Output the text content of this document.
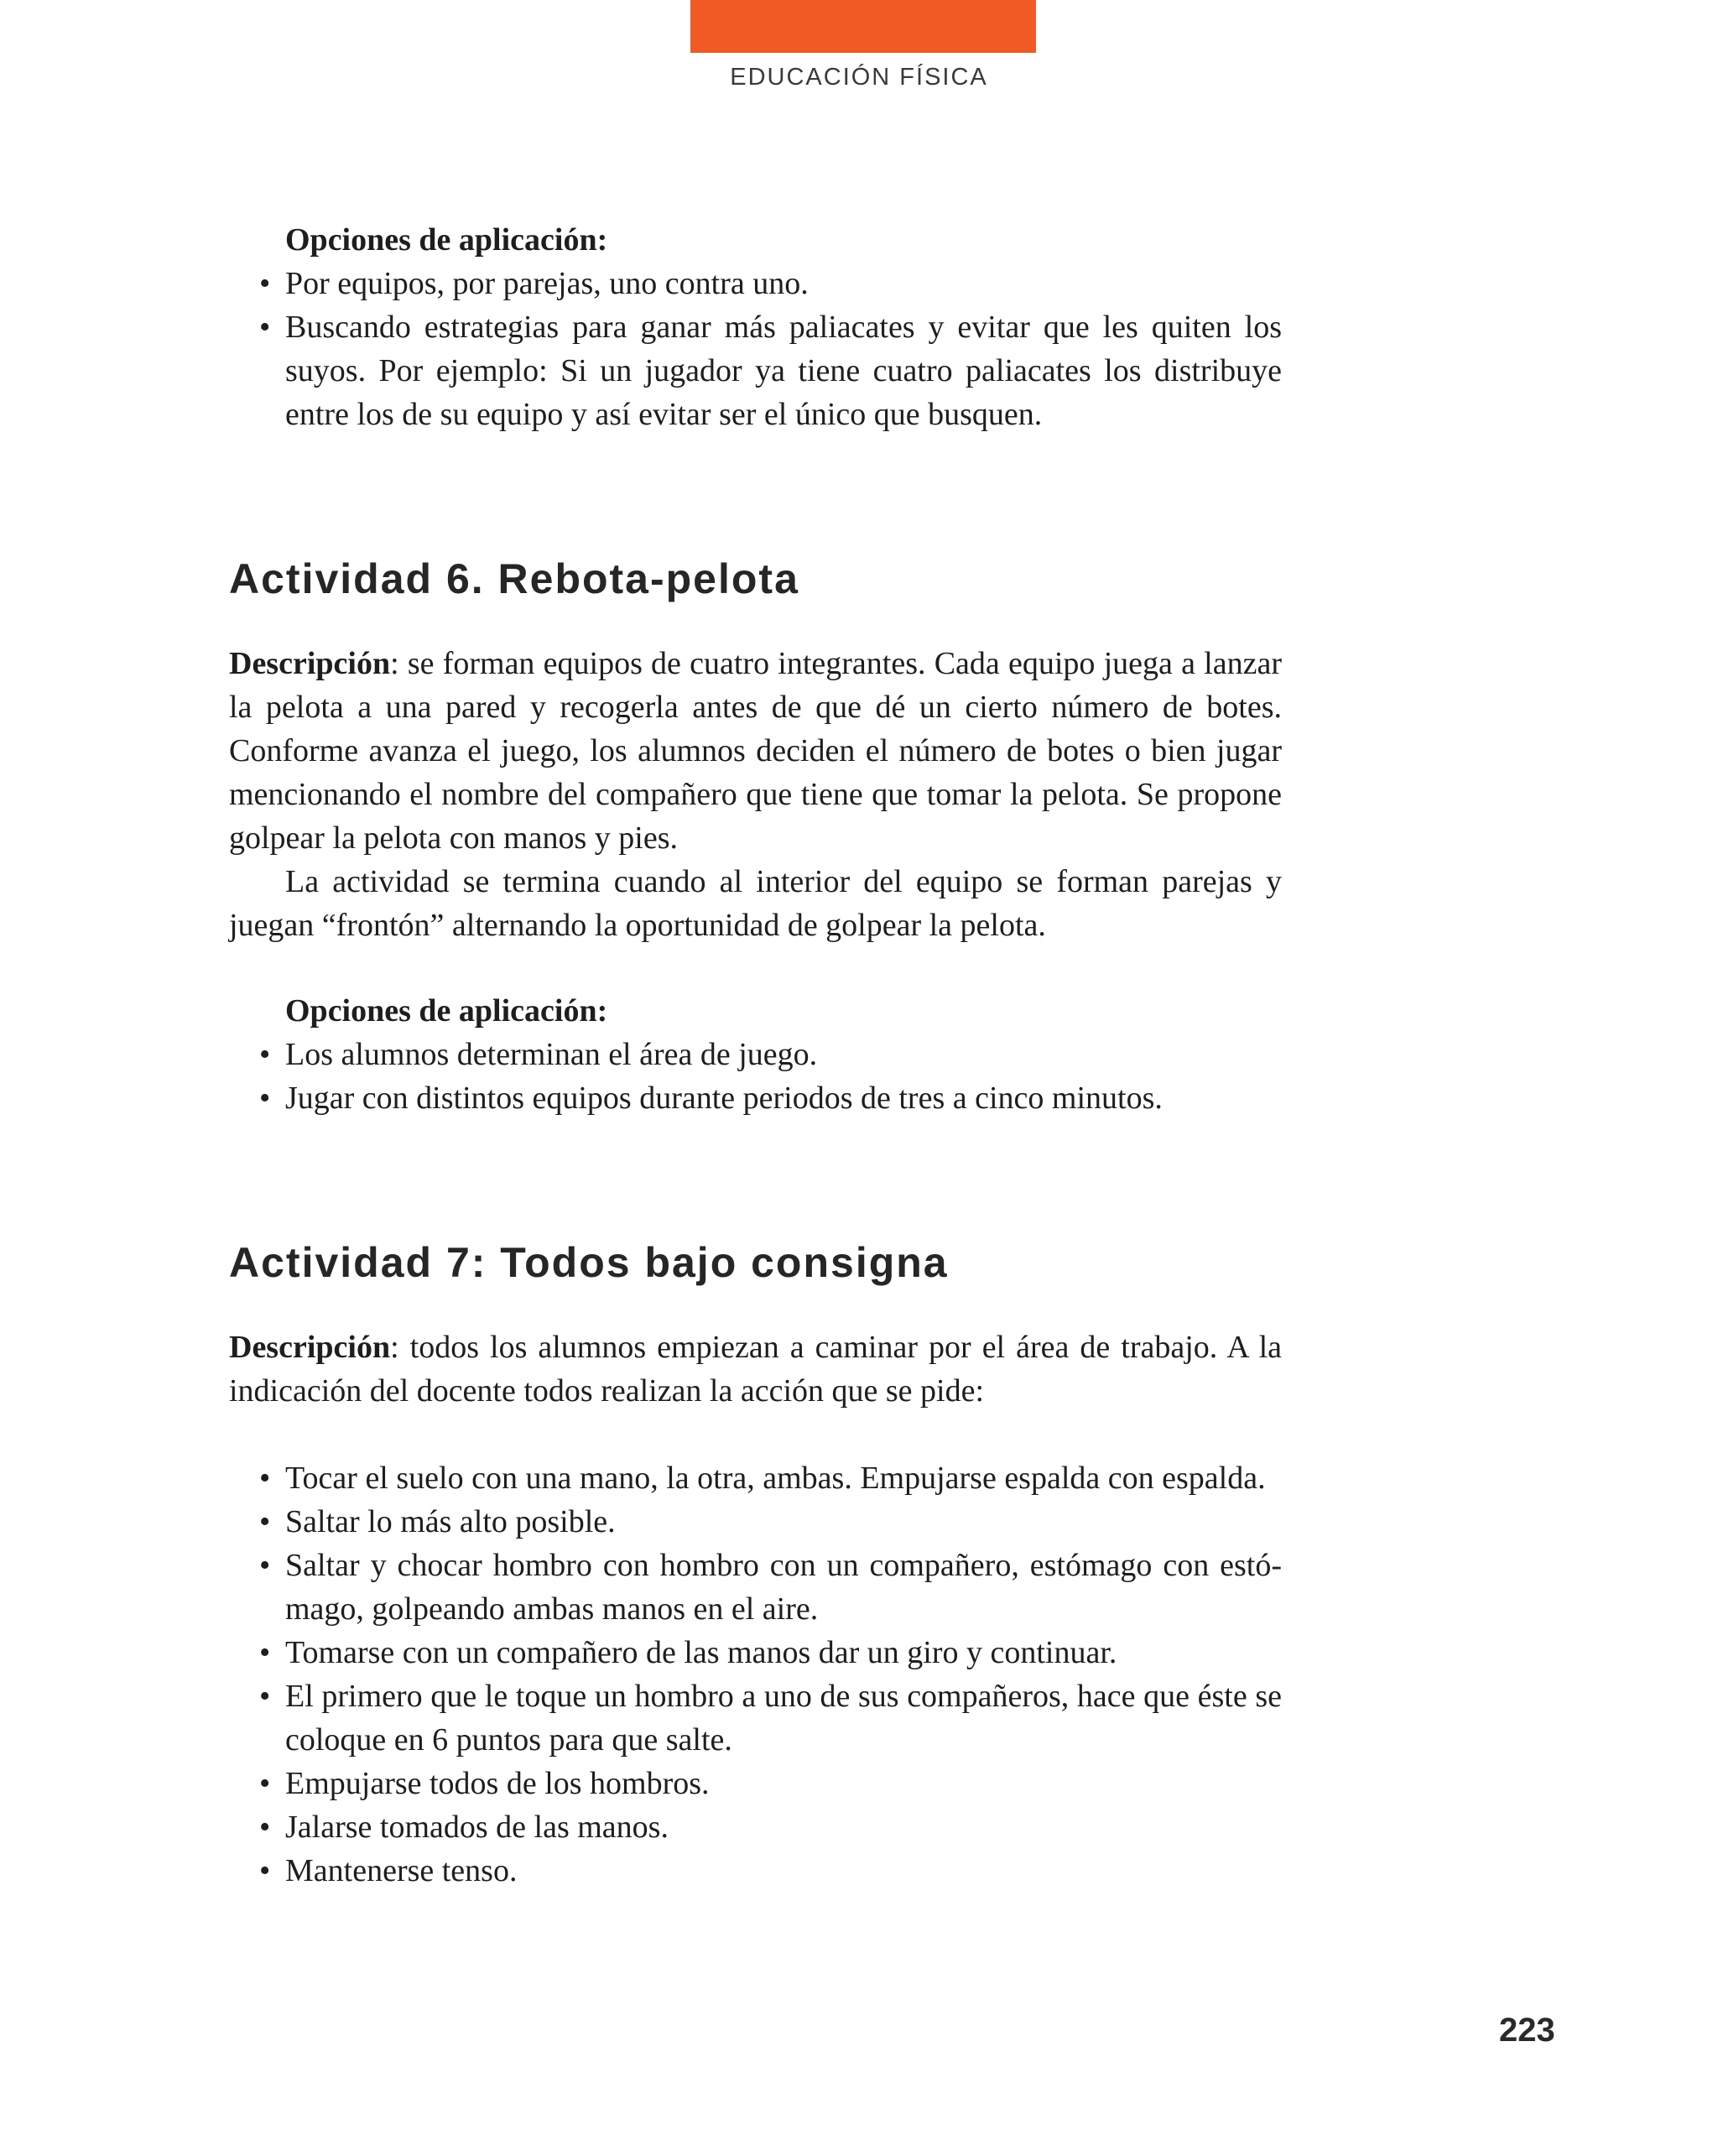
EDUCACIÓN FÍSICA

Opciones de aplicación:

• Por equipos, por parejas, uno contra uno.
• Buscando estrategias para ganar más paliacates y evitar que les quiten los suyos. Por ejemplo: Si un jugador ya tiene cuatro paliacates los distribuye entre los de su equipo y así evitar ser el único que busquen.
Actividad 6. Rebota-pelota

Descripción: se forman equipos de cuatro integrantes. Cada equipo juega a lanzar la pelota a una pared y recogerla antes de que dé un cierto número de botes. Conforme avanza el juego, los alumnos deciden el número de botes o bien jugar mencionando el nombre del compañero que tiene que tomar la pelota. Se propone golpear la pelota con manos y pies.

La actividad se termina cuando al interior del equipo se forman parejas y juegan “frontón” alternando la oportunidad de golpear la pelota.

Opciones de aplicación:

• Los alumnos determinan el área de juego.
• Jugar con distintos equipos durante periodos de tres a cinco minutos.
Actividad 7: Todos bajo consigna

Descripción: todos los alumnos empiezan a caminar por el área de trabajo. A la indicación del docente todos realizan la acción que se pide:

• Tocar el suelo con una mano, la otra, ambas. Empujarse espalda con espalda.
• Saltar lo más alto posible.
• Saltar y chocar hombro con hombro con un compañero, estómago con estómago, golpeando ambas manos en el aire.
• Tomarse con un compañero de las manos dar un giro y continuar.
• El primero que le toque un hombro a uno de sus compañeros, hace que éste se coloque en 6 puntos para que salte.
• Empujarse todos de los hombros.
• Jalarse tomados de las manos.
• Mantenerse tenso.
223
